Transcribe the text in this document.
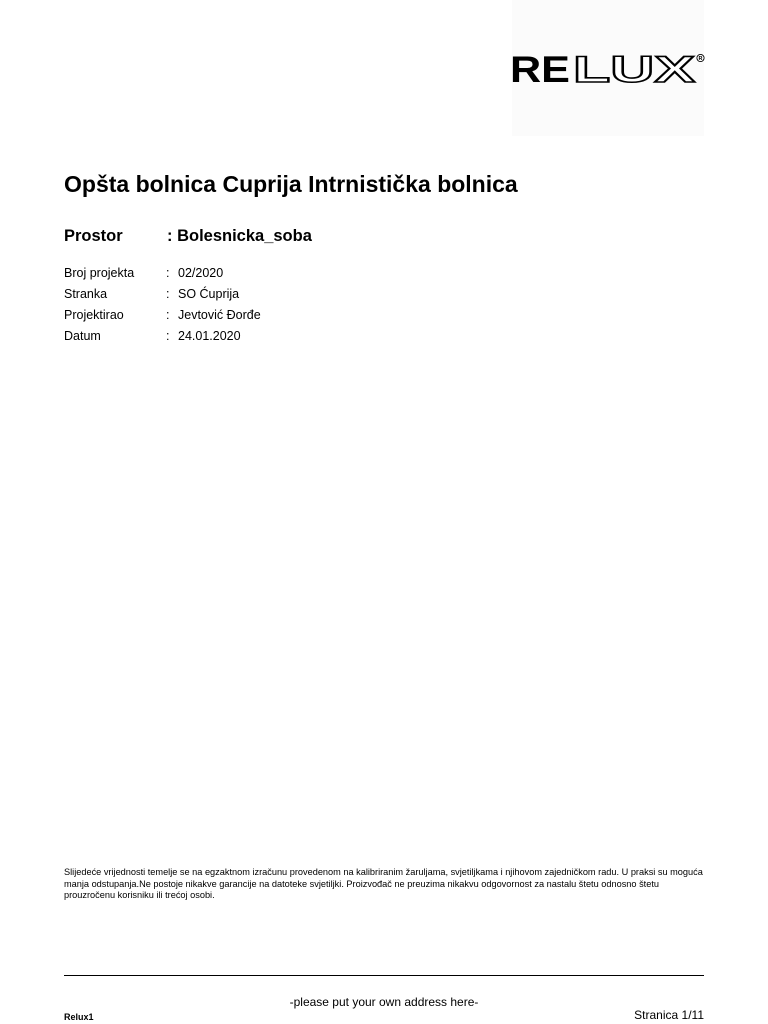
RE LUX R
Opšta bolnica Cuprija Intrnistička bolnica
Prostor	: Bolesnicka_soba
Broj projekta	: 02/2020
Stranka	: SO Ćuprija
Projektirao	: Jevtović Đorđe
Datum	: 24.01.2020

Slijedeće vrijednosti temelje se na egzaktnom izračunu provedenom na kalibriranim žaruljama, svjetiljkama i njihovom zajedničkom radu. U praksi su moguća manja odstupanja.Ne postoje nikakve garancije na datoteke svjetiljki. Proizvođač ne preuzima nikakvu odgovornost za nastalu štetu odnosno štetu prouzročenu korisniku ili trećoj osobi.

-please put your own address here-
Relux1	Stranica 1/11
